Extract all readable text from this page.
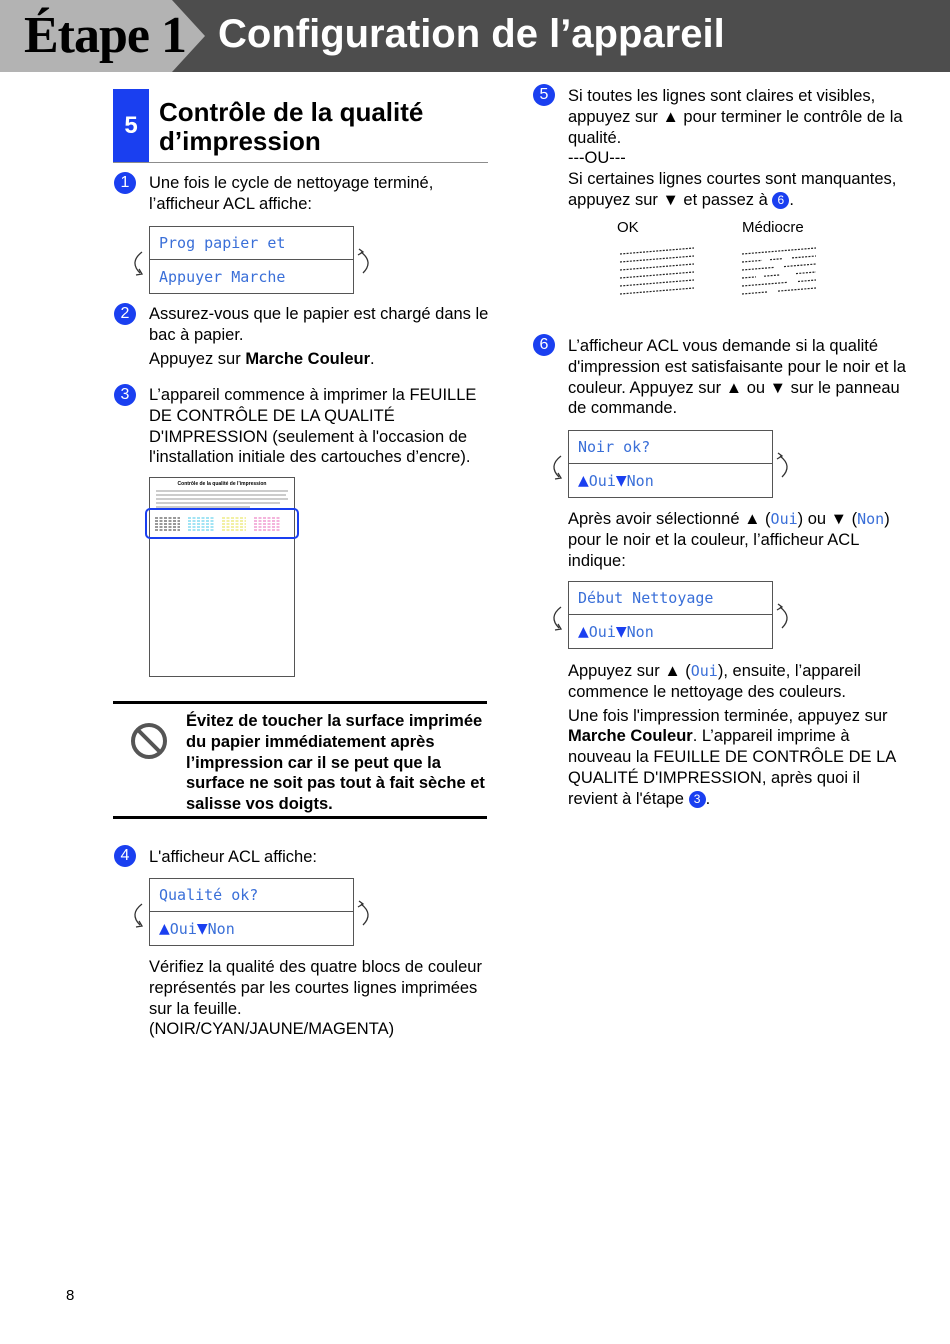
Étape 1 Configuration de l’appareil
5 Contrôle de la qualité d’impression
1	Une fois le cycle de nettoyage terminé, l’afficheur ACL affiche:
Prog papier et
Appuyer Marche
2	Assurez-vous que le papier est chargé dans le bac à papier.

Appuyez sur Marche Couleur.

3	L’appareil commence à imprimer la FEUILLE DE CONTRÔLE DE LA QUALITÉ D'IMPRESSION (seulement à l'occasion de l'installation initiale des cartouches d’encre).
Contrôle de la qualité de l’impression
Évitez de toucher la surface imprimée du papier immédiatement après l’impression car il se peut que la surface ne soit pas tout à fait sèche et salisse vos doigts.
4	L'afficheur ACL affiche:
Qualité ok?
▲ Oui ▼ Non
Vérifiez la qualité des quatre blocs de couleur représentés par les courtes lignes imprimées sur la feuille. (NOIR/CYAN/JAUNE/MAGENTA)
5	Si toutes les lignes sont claires et visibles, appuyez sur ▲ pour terminer le contrôle de la qualité.

---OU---

Si certaines lignes courtes sont manquantes, appuyez sur ▼ et passez à 6 .

OK	Médiocre
6	L’afficheur ACL vous demande si la qualité d'impression est satisfaisante pour le noir et la couleur. Appuyez sur ▲ ou ▼ sur le panneau de commande.
Noir ok?
▲ Oui ▼ Non
Après avoir sélectionné ▲ (Oui) ou ▼ (Non) pour le noir et la couleur, l’afficheur ACL indique:
Début Nettoyage
▲ Oui ▼ Non

Appuyez sur ▲ (Oui), ensuite, l’appareil commence le nettoyage des couleurs.

Une fois l'impression terminée, appuyez sur Marche Couleur. L’appareil imprime à nouveau la FEUILLE DE CONTRÔLE DE LA QUALITÉ D'IMPRESSION, après quoi il revient à l'étape 3 .

8
